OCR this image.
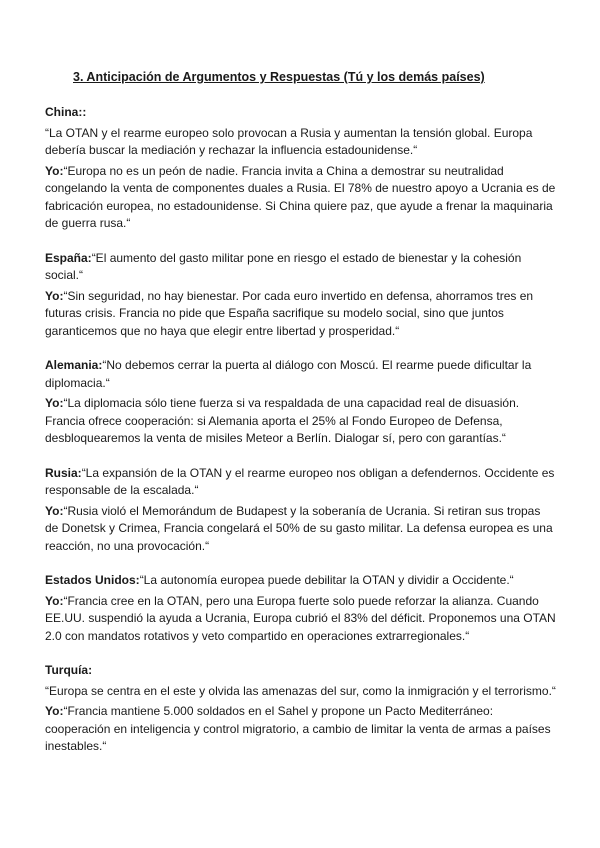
3. Anticipación de Argumentos y Respuestas (Tú y los demás países)
China::
“La OTAN y el rearme europeo solo provocan a Rusia y aumentan la tensión global. Europa debería buscar la mediación y rechazar la influencia estadounidense.“
Yo:“Europa no es un peón de nadie. Francia invita a China a demostrar su neutralidad congelando la venta de componentes duales a Rusia. El 78% de nuestro apoyo a Ucrania es de fabricación europea, no estadounidense. Si China quiere paz, que ayude a frenar la maquinaria de guerra rusa.“
España:“El aumento del gasto militar pone en riesgo el estado de bienestar y la cohesión social.“
Yo:“Sin seguridad, no hay bienestar. Por cada euro invertido en defensa, ahorramos tres en futuras crisis. Francia no pide que España sacrifique su modelo social, sino que juntos garanticemos que no haya que elegir entre libertad y prosperidad.“
Alemania:“No debemos cerrar la puerta al diálogo con Moscú. El rearme puede dificultar la diplomacia.“
Yo:“La diplomacia sólo tiene fuerza si va respaldada de una capacidad real de disuasión. Francia ofrece cooperación: si Alemania aporta el 25% al Fondo Europeo de Defensa, desbloquearemos la venta de misiles Meteor a Berlín. Dialogar sí, pero con garantías.“
Rusia:“La expansión de la OTAN y el rearme europeo nos obligan a defendernos. Occidente es responsable de la escalada.“
Yo:“Rusia violó el Memorándum de Budapest y la soberanía de Ucrania. Si retiran sus tropas de Donetsk y Crimea, Francia congelará el 50% de su gasto militar. La defensa europea es una reacción, no una provocación.“
Estados Unidos:“La autonomía europea puede debilitar la OTAN y dividir a Occidente.“
Yo:“Francia cree en la OTAN, pero una Europa fuerte solo puede reforzar la alianza. Cuando EE.UU. suspendió la ayuda a Ucrania, Europa cubrió el 83% del déficit. Proponemos una OTAN 2.0 con mandatos rotativos y veto compartido en operaciones extrarregionales.“
Turquía:
“Europa se centra en el este y olvida las amenazas del sur, como la inmigración y el terrorismo.“
Yo:“Francia mantiene 5.000 soldados en el Sahel y propone un Pacto Mediterráneo: cooperación en inteligencia y control migratorio, a cambio de limitar la venta de armas a países inestables.“
